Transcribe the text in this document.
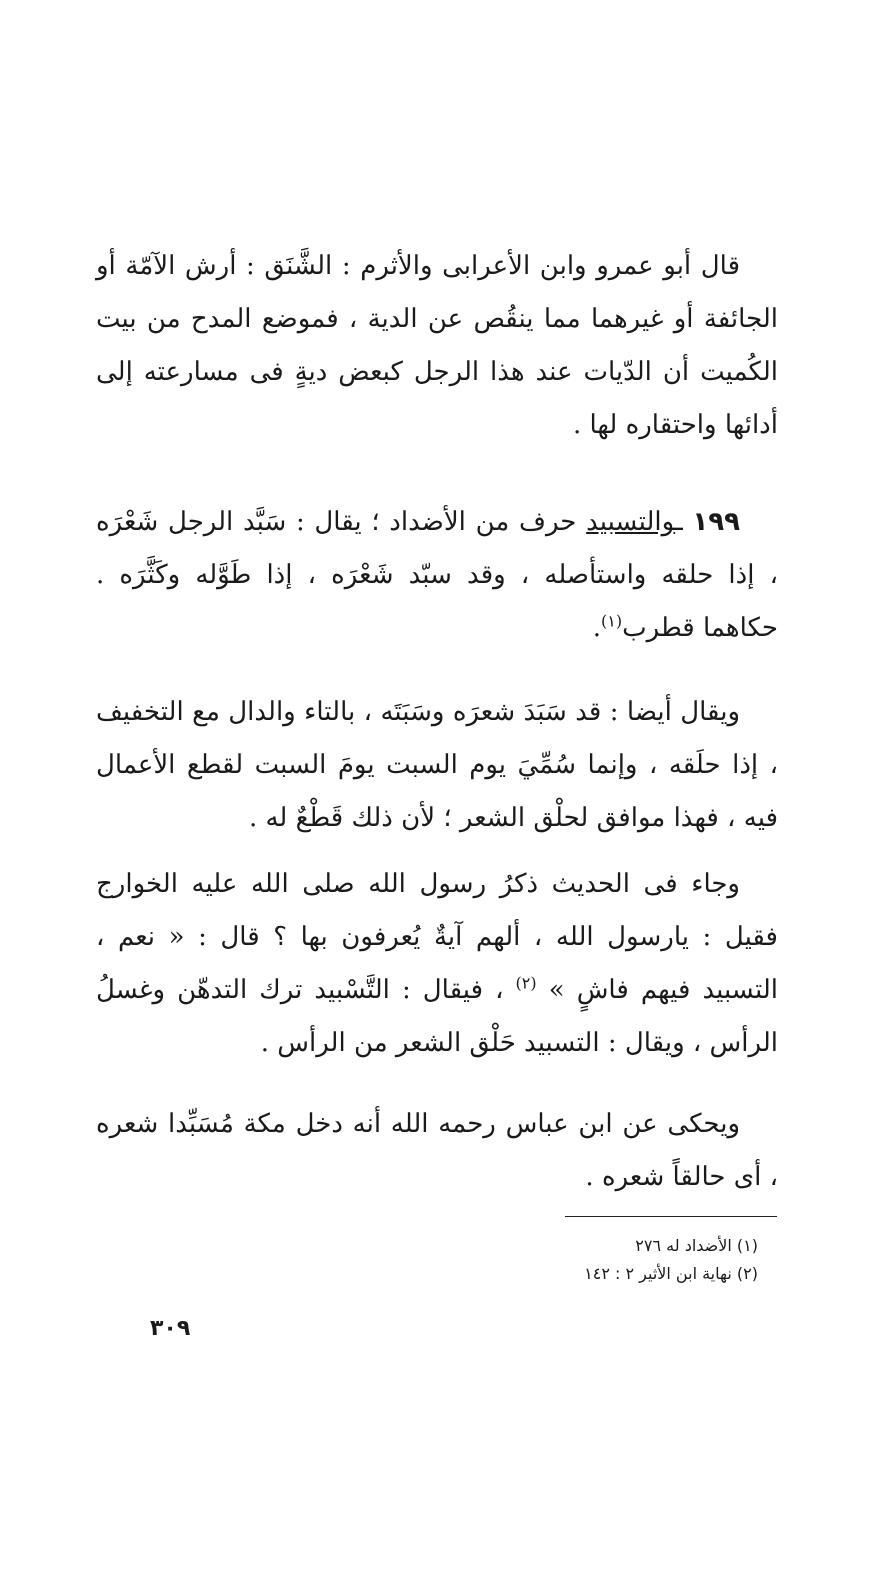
قال أبو عمرو وابن الأعرابى والأثرم : الشَّنَق : أرش الآمّة أو الجائفة أو غيرهما مما ينقُص عن الدية ، فموضع المدح من بيت الكُميت أن الدّيات عند هذا الرجل كبعض ديةٍ فى مسارعته إلى أدائها واحتقاره لها .

١٩٩ ـوالتسبيد حرف من الأضداد ؛ يقال : سَبَّد الرجل شَعْرَه ، إذا حلقه واستأصله ، وقد سبّد شَعْرَه ، إذا طَوَّله وكَثَّرَه . حكاهما قطرب$^{(١)}$.

ويقال أيضا : قد سَبَدَ شعرَه وسَبَتَه ، بالتاء والدال مع التخفيف ، إذا حلَقه ، وإنما سُمِّيَ يوم السبت يومَ السبت لقطع الأعمال فيه ، فهذا موافق لحلْق الشعر ؛ لأن ذلك قَطْعٌ له .

وجاء فى الحديث ذكرُ رسول الله صلى الله عليه الخوارج فقيل : يارسول الله ، ألهم آيةٌ يُعرفون بها ؟ قال : « نعم ، التسبيد فيهم فاشٍ » $^{(٢)}$ ، فيقال : التَّسْبيد ترك التدهّن وغسلُ الرأس ، ويقال : التسبيد حَلْق الشعر من الرأس .

ويحكى عن ابن عباس رحمه الله أنه دخل مكة مُسَبِّدا شعره ، أى حالقاً شعره .

(١) الأضداد له ٢٧٦
(٢) نهاية ابن الأثير ٢ : ١٤٢
٣٠٩
